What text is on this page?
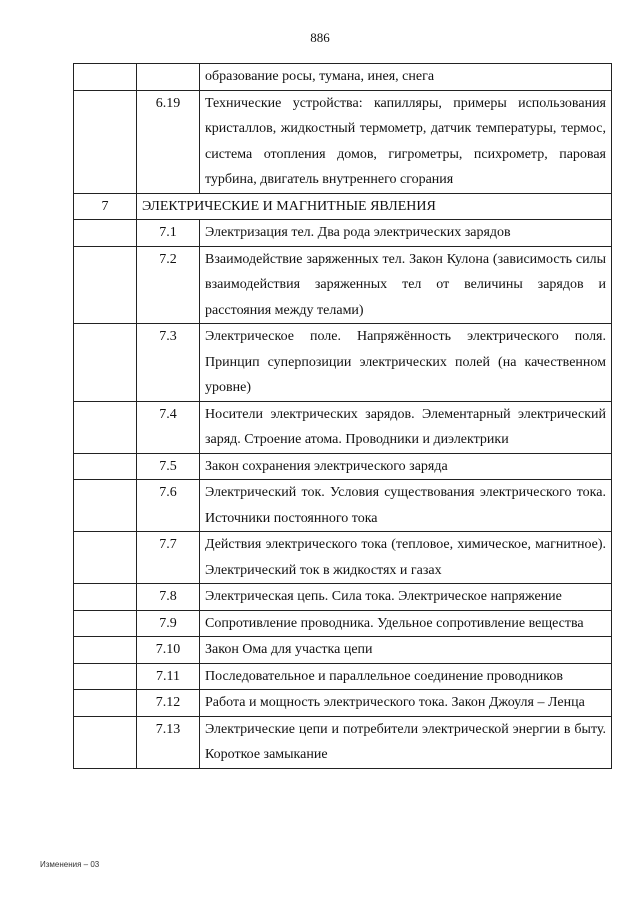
886
		образование росы, тумана, инея, снега
	6.19	Технические устройства: капилляры, примеры использования кристаллов, жидкостный термометр, датчик температуры, термос, система отопления домов, гигрометры, психрометр, паровая турбина, двигатель внутреннего сгорания
7	ЭЛЕКТРИЧЕСКИЕ И МАГНИТНЫЕ ЯВЛЕНИЯ	
	7.1	Электризация тел. Два рода электрических зарядов
	7.2	Взаимодействие заряженных тел. Закон Кулона (зависимость силы взаимодействия заряженных тел от величины зарядов и расстояния между телами)
	7.3	Электрическое поле. Напряжённость электрического поля. Принцип суперпозиции электрических полей (на качественном уровне)
	7.4	Носители электрических зарядов. Элементарный электрический заряд. Строение атома. Проводники и диэлектрики
	7.5	Закон сохранения электрического заряда
	7.6	Электрический ток. Условия существования электрического тока. Источники постоянного тока
	7.7	Действия электрического тока (тепловое, химическое, магнитное). Электрический ток в жидкостях и газах
	7.8	Электрическая цепь. Сила тока. Электрическое напряжение
	7.9	Сопротивление проводника. Удельное сопротивление вещества
	7.10	Закон Ома для участка цепи
	7.11	Последовательное и параллельное соединение проводников
	7.12	Работа и мощность электрического тока. Закон Джоуля – Ленца
	7.13	Электрические цепи и потребители электрической энергии в быту. Короткое замыкание
Изменения – 03
